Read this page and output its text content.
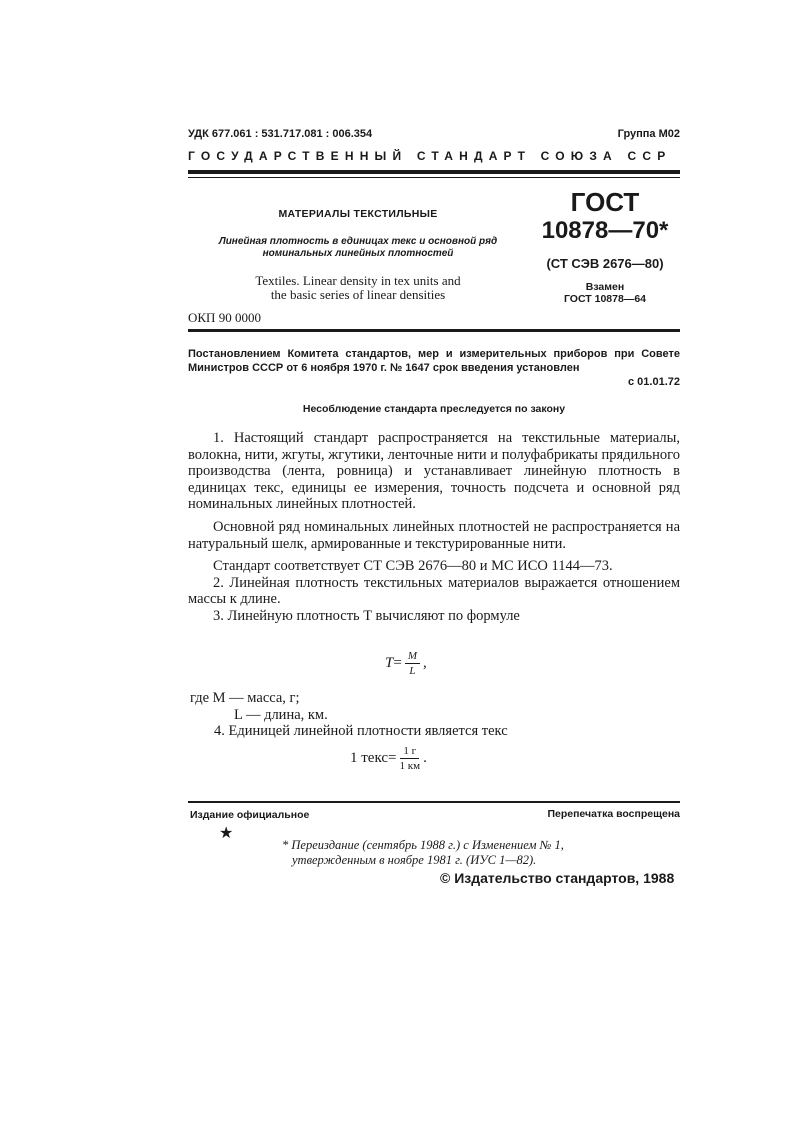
УДК 677.061 : 531.717.081 : 006.354	Группа М02
ГОСУДАРСТВЕННЫЙ СТАНДАРТ СОЮЗА ССР

МАТЕРИАЛЫ ТЕКСТИЛЬНЫЕ

Линейная плотность в единицах текс и основной ряд
номинальных линейных плотностей

Textiles. Linear density in tex units and
the basic series of linear densities

ОКП 90 0000
ГОСТ
10878—70*
(СТ СЭВ 2676—80)
Взамен
ГОСТ 10878—64
Постановлением Комитета стандартов, мер и измерительных приборов при Совете Министров СССР от 6 ноября 1970 г. № 1647 срок введения установлен
с 01.01.72
Несоблюдение стандарта преследуется по закону

1. Настоящий стандарт распространяется на текстильные материалы, волокна, нити, жгуты, жгутики, ленточные нити и полуфабрикаты прядильного производства (лента, ровница) и устанавливает линейную плотность в единицах текс, единицы ее измерения, точность подсчета и основной ряд номинальных линейных плотностей.

Основной ряд номинальных линейных плотностей не распространяется на натуральный шелк, армированные и текстурированные нити.

Стандарт соответствует СТ СЭВ 2676—80 и МС ИСО 1144—73.

2. Линейная плотность текстильных материалов выражается отношением массы к длине.

3. Линейную плотность T вычисляют по формуле

$T = \frac{M}{L}$ ,
где M — масса, г;
L — длина, км.
4. Единицей линейной плотности является текс
1 текс = $\frac{1 г}{1 км}$ .
Издание официальное	Перепечатка воспрещена
★
* Переиздание (сентябрь 1988 г.) с Изменением № 1,
утвержденным в ноябре 1981 г. (ИУС 1—82).
© Издательство стандартов, 1988
